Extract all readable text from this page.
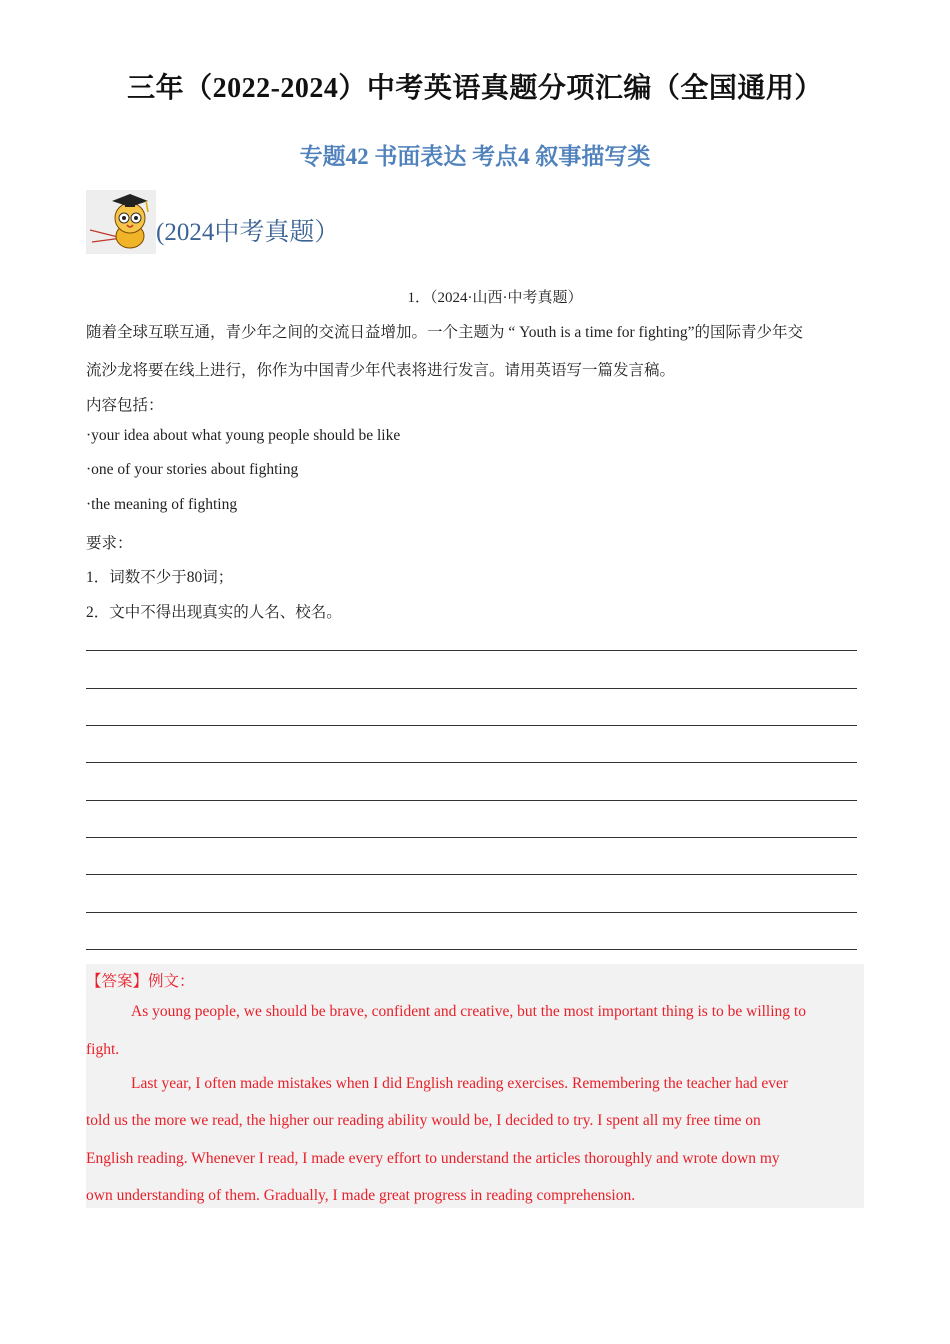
三年（2022-2024）中考英语真题分项汇编（全国通用）
专题42 书面表达 考点4 叙事描写类
(2024中考真题）
1．（2024·山西·中考真题）
随着全球互联互通，青少年之间的交流日益增加。一个主题为 “ Youth is a time for fighting”的国际青少年交
流沙龙将要在线上进行，你作为中国青少年代表将进行发言。请用英语写一篇发言稿。
内容包括：
·your idea about what young people should be like
·one of your stories about fighting
·the meaning of fighting
要求：
1．词数不少于80词；
2．文中不得出现真实的人名、校名。
【答案】例文：
As young people, we should be brave, confident and creative, but the most important thing is to be willing to
fight.
Last year, I often made mistakes when I did English reading exercises. Remembering the teacher had ever
told us the more we read, the higher our reading ability would be, I decided to try. I spent all my free time on
English reading. Whenever I read, I made every effort to understand the articles thoroughly and wrote down my
own understanding of them. Gradually, I made great progress in reading comprehension.
